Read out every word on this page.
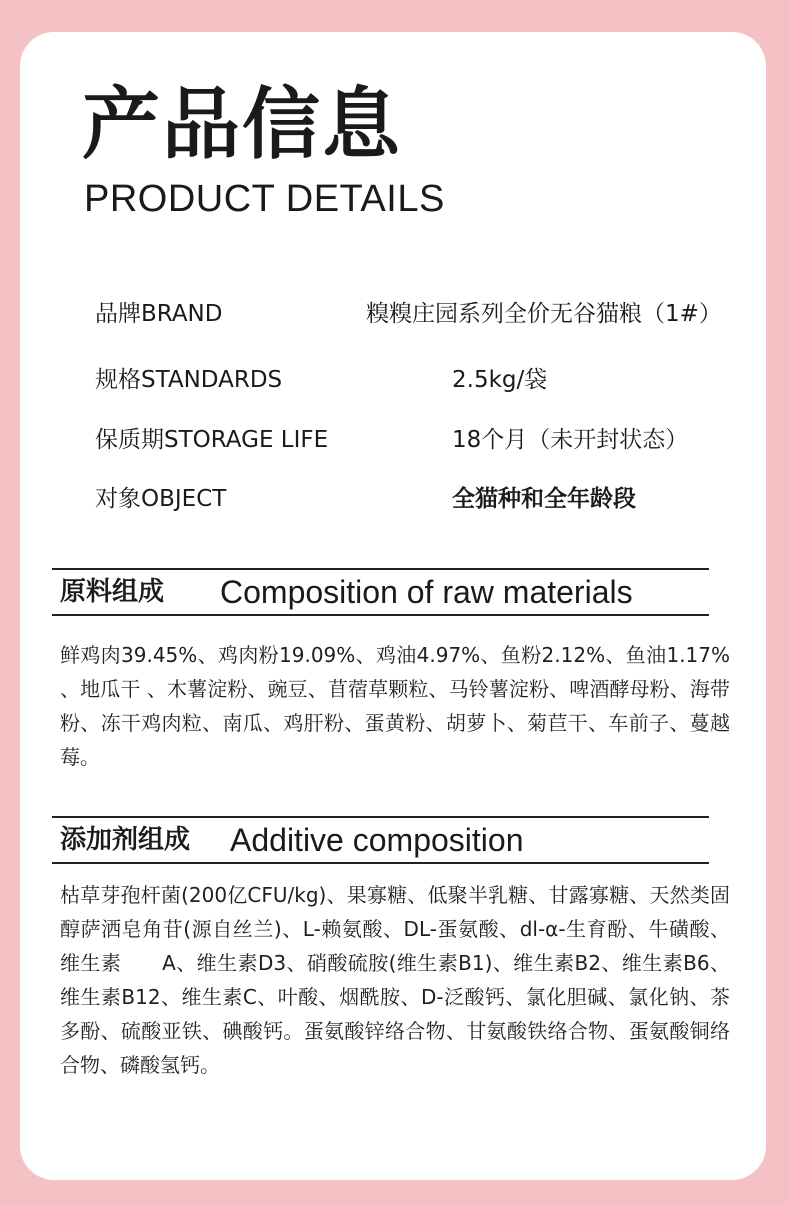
产品信息
PRODUCT DETAILS
品牌BRAND	糗糗庄园系列全价无谷猫粮（1#）
规格STANDARDS	2.5kg/袋
保质期STORAGE LIFE	18个月（未开封状态）
对象OBJECT	全猫种和全年龄段
原料组成 Composition of raw materials

鲜鸡肉39.45%、鸡肉粉19.09%、鸡油4.97%、鱼粉2.12%、鱼油1.17% 、地瓜干 、木薯淀粉、豌豆、苜蓿草颗粒、马铃薯淀粉、啤酒酵母粉、海带粉、冻干鸡肉粒、南瓜、鸡肝粉、蛋黄粉、胡萝卜、菊苣干、车前子、蔓越莓。

添加剂组成 Additive composition

枯草芽孢杆菌(200亿CFU/kg)、果寡糖、低聚半乳糖、甘露寡糖、天然类固醇萨洒皂角苷(源自丝兰)、L-赖氨酸、DL-蛋氨酸、dl-α-生育酚、牛磺酸、维生素　　A、维生素D3、硝酸硫胺(维生素B1)、维生素B2、维生素B6、维生素B12、维生素C、叶酸、烟酰胺、D-泛酸钙、氯化胆碱、氯化钠、茶多酚、硫酸亚铁、碘酸钙。蛋氨酸锌络合物、甘氨酸铁络合物、蛋氨酸铜络合物、磷酸氢钙。
